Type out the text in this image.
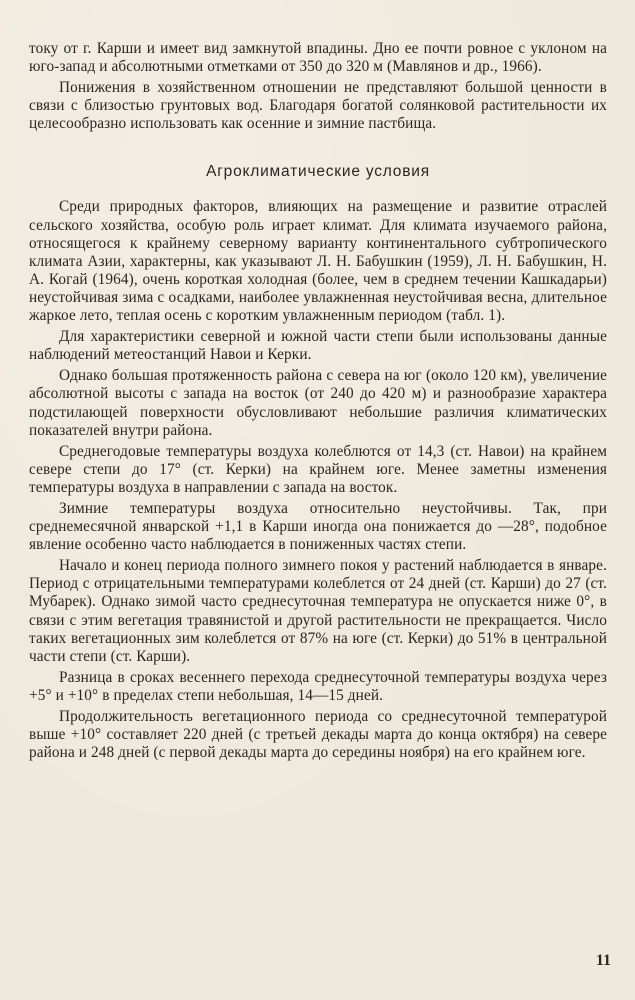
току от г. Карши и имеет вид замкнутой впадины. Дно ее почти ровное с уклоном на юго-запад и абсолютными отметками от 350 до 320 м (Мавлянов и др., 1966).

Понижения в хозяйственном отношении не представляют большой ценности в связи с близостью грунтовых вод. Благодаря богатой солянковой растительности их целесообразно использовать как осенние и зимние пастбища.

Агроклиматические условия

Среди природных факторов, влияющих на размещение и развитие отраслей сельского хозяйства, особую роль играет климат. Для климата изучаемого района, относящегося к крайнему северному варианту континентального субтропического климата Азии, характерны, как указывают Л. Н. Бабушкин (1959), Л. Н. Бабушкин, Н. А. Когай (1964), очень короткая холодная (более, чем в среднем течении Кашкадарьи) неустойчивая зима с осадками, наиболее увлажненная неустойчивая весна, длительное жаркое лето, теплая осень с коротким увлажненным периодом (табл. 1).

Для характеристики северной и южной части степи были использованы данные наблюдений метеостанций Навои и Керки.

Однако большая протяженность района с севера на юг (около 120 км), увеличение абсолютной высоты с запада на восток (от 240 до 420 м) и разнообразие характера подстилающей поверхности обусловливают небольшие различия климатических показателей внутри района.

Среднегодовые температуры воздуха колеблются от 14,3 (ст. Навои) на крайнем севере степи до 17° (ст. Керки) на крайнем юге. Менее заметны изменения температуры воздуха в направлении с запада на восток.

Зимние температуры воздуха относительно неустойчивы. Так, при среднемесячной январской +1,1 в Карши иногда она понижается до —28°, подобное явление особенно часто наблюдается в пониженных частях степи.

Начало и конец периода полного зимнего покоя у растений наблюдается в январе. Период с отрицательными температурами колеблется от 24 дней (ст. Карши) до 27 (ст. Мубарек). Однако зимой часто среднесуточная температура не опускается ниже 0°, в связи с этим вегетация травянистой и другой растительности не прекращается. Число таких вегетационных зим колеблется от 87% на юге (ст. Керки) до 51% в центральной части степи (ст. Карши).

Разница в сроках весеннего перехода среднесуточной температуры воздуха через +5° и +10° в пределах степи небольшая, 14—15 дней.

Продолжительность вегетационного периода со среднесуточной температурой выше +10° составляет 220 дней (с третьей декады марта до конца октября) на севере района и 248 дней (с первой декады марта до середины ноября) на его крайнем юге.

11
